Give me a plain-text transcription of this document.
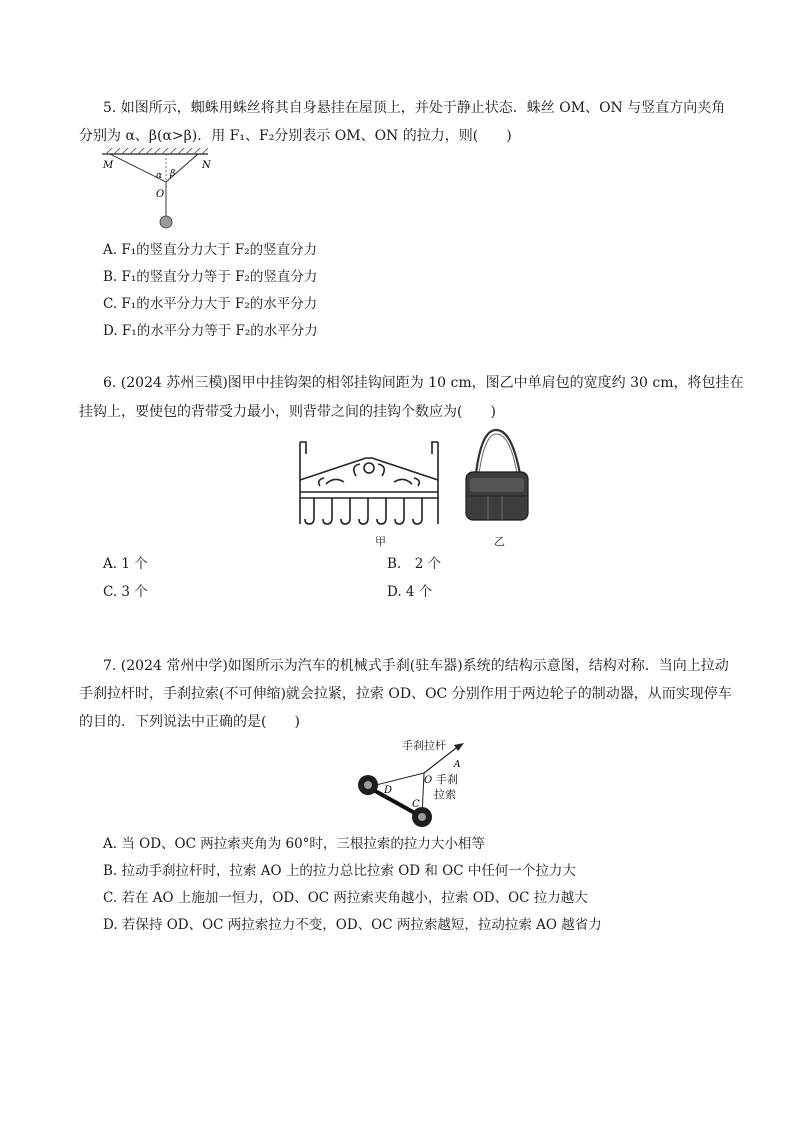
5. 如图所示，蜘蛛用蛛丝将其自身悬挂在屋顶上，并处于静止状态．蛛丝 OM、ON 与竖直方向夹角
分别为 α、β(α>β)．用 F₁、F₂分别表示 OM、ON 的拉力，则(　　)
M	N
O
α β
A. F₁的竖直分力大于 F₂的竖直分力
B. F₁的竖直分力等于 F₂的竖直分力
C. F₁的水平分力大于 F₂的水平分力
D. F₁的水平分力等于 F₂的水平分力
6. (2024 苏州三模)图甲中挂钩架的相邻挂钩间距为 10 cm，图乙中单肩包的宽度约 30 cm，将包挂在
挂钩上，要使包的背带受力最小，则背带之间的挂钩个数应为(　　)
甲	乙
A. 1 个	B.　2 个
C. 3 个	D. 4 个
7. (2024 常州中学)如图所示为汽车的机械式手刹(驻车器)系统的结构示意图，结构对称．当向上拉动
手刹拉杆时，手刹拉索(不可伸缩)就会拉紧，拉索 OD、OC 分别作用于两边轮子的制动器，从而实现停车
的目的．下列说法中正确的是(　　)
A
O
D
C
手刹拉杆
手刹
拉索
A. 当 OD、OC 两拉索夹角为 60°时，三根拉索的拉力大小相等
B. 拉动手刹拉杆时，拉索 AO 上的拉力总比拉索 OD 和 OC 中任何一个拉力大
C. 若在 AO 上施加一恒力，OD、OC 两拉索夹角越小，拉索 OD、OC 拉力越大
D. 若保持 OD、OC 两拉索拉力不变，OD、OC 两拉索越短，拉动拉索 AO 越省力
